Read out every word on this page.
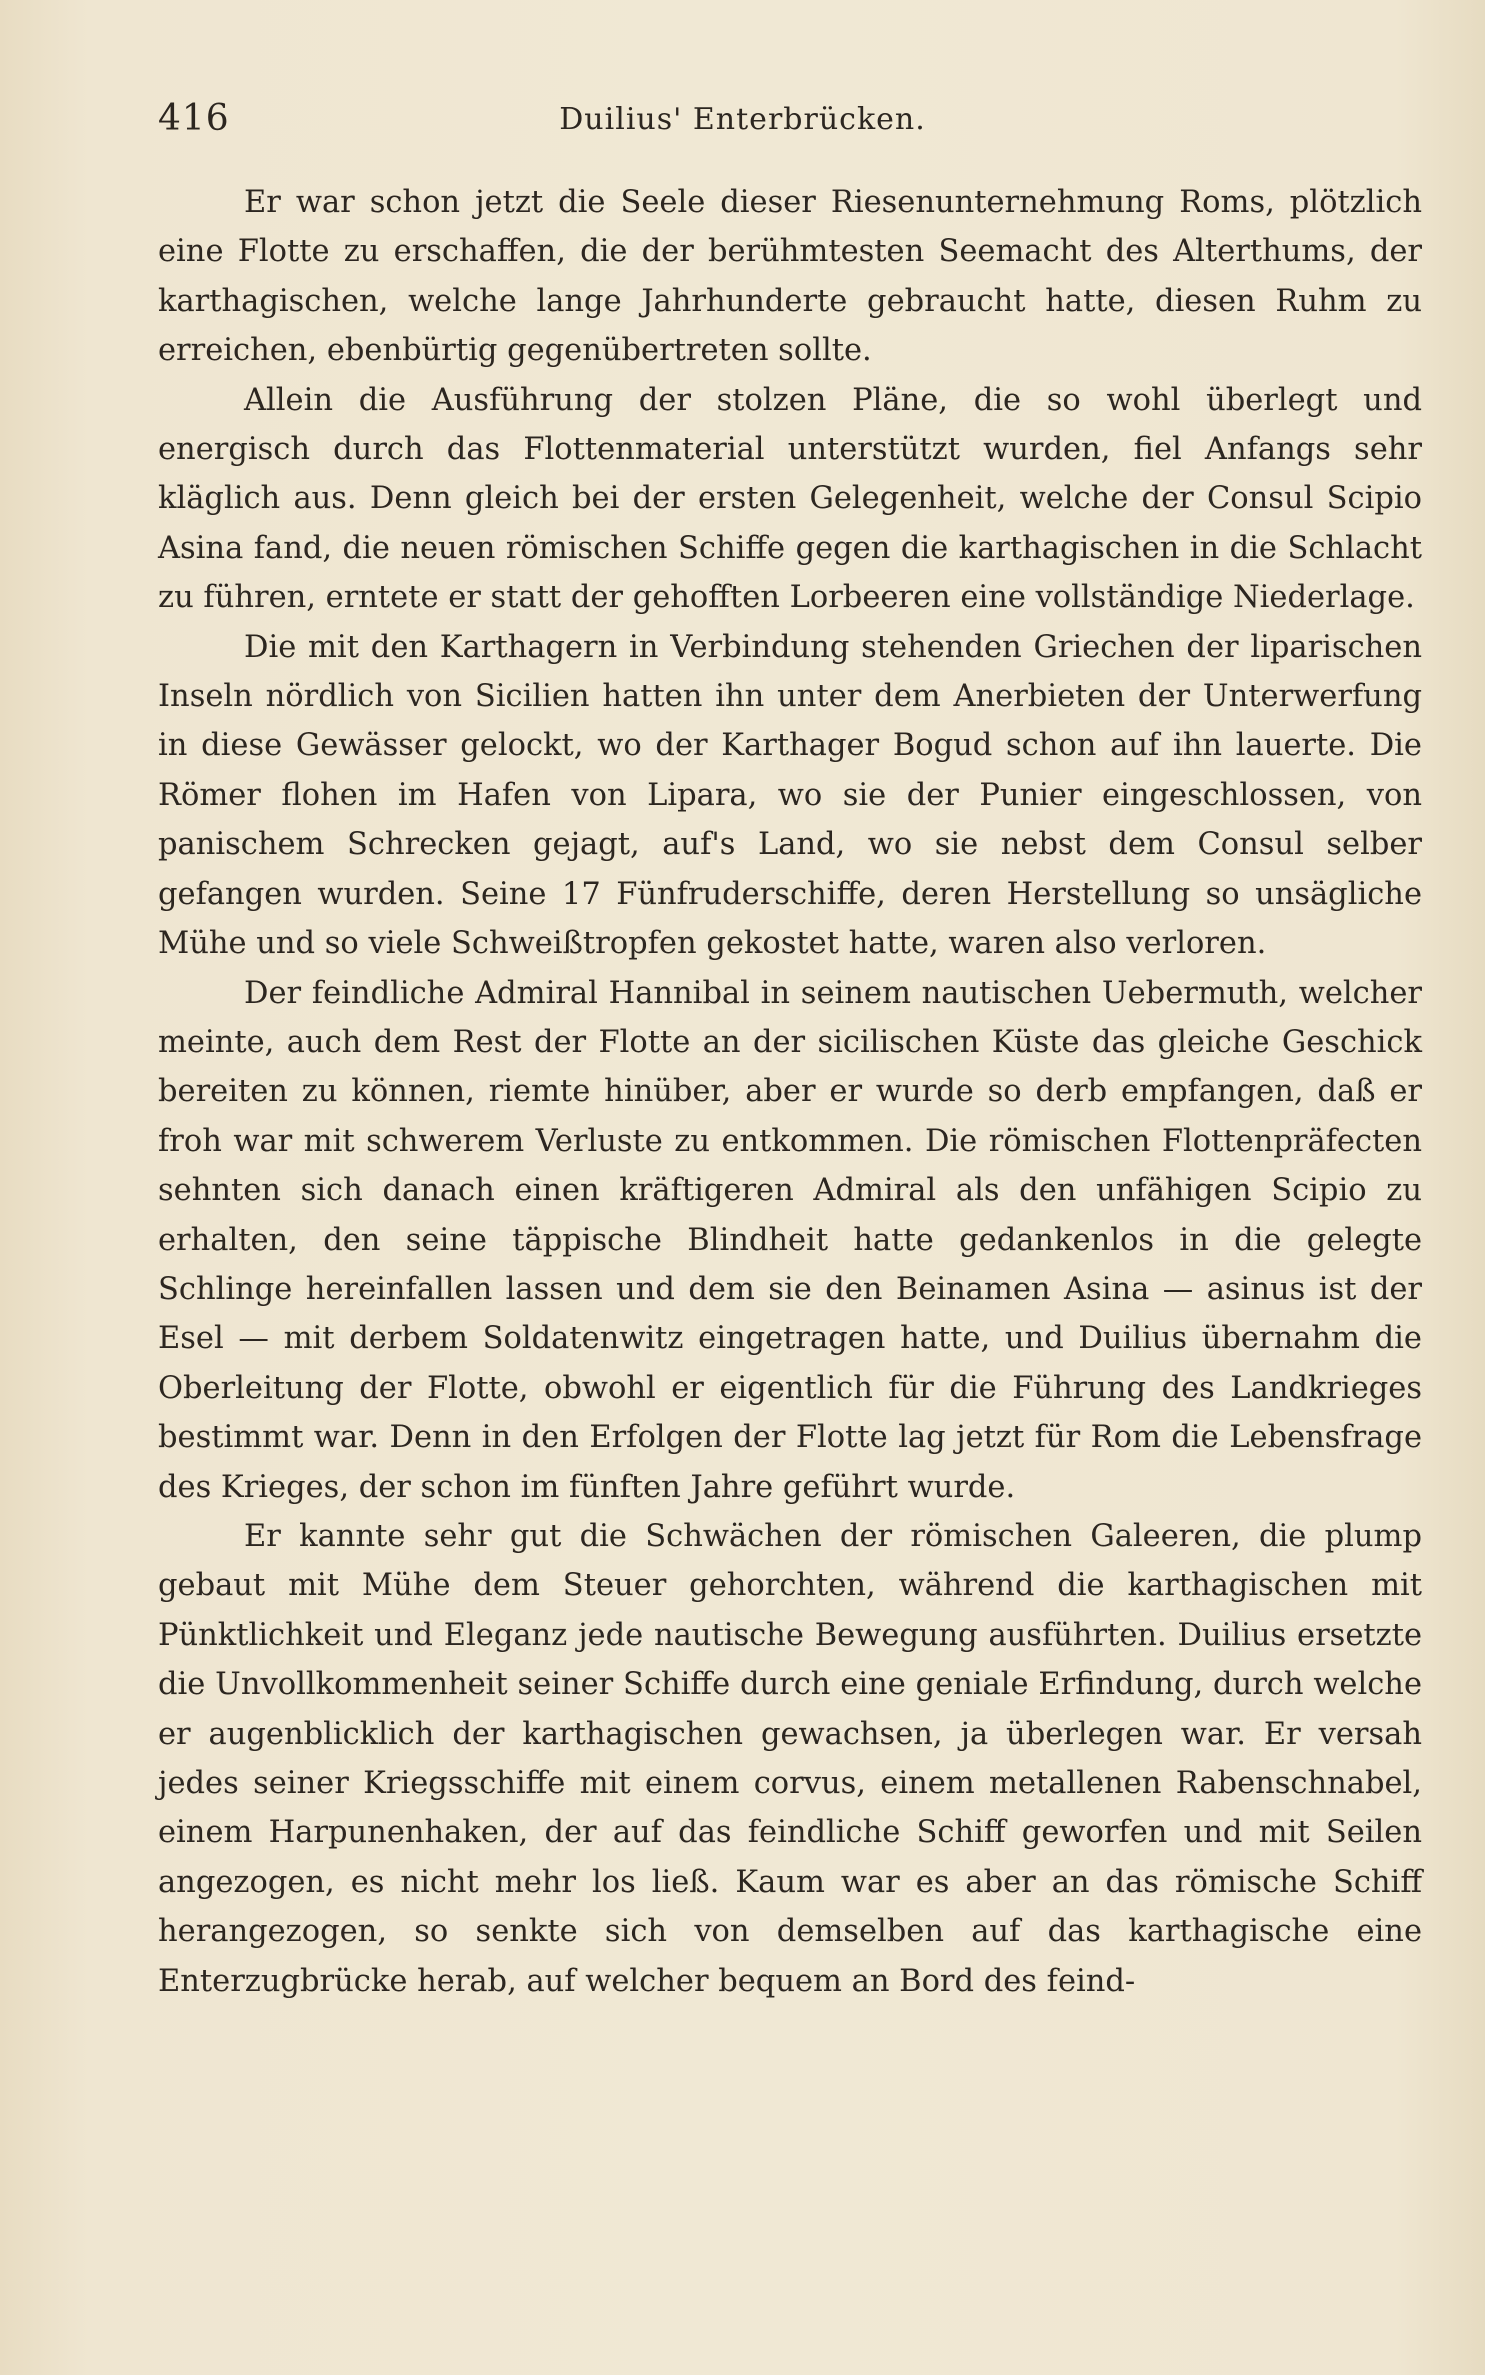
416	Duilius' Enterbrücken.

Er war schon jetzt die Seele dieser Riesenunternehmung Roms, plötzlich eine Flotte zu erschaffen, die der berühmtesten Seemacht des Alterthums, der karthagischen, welche lange Jahrhunderte gebraucht hatte, diesen Ruhm zu erreichen, ebenbürtig gegenübertreten sollte.

Allein die Ausführung der stolzen Pläne, die so wohl überlegt und energisch durch das Flottenmaterial unterstützt wurden, fiel Anfangs sehr kläglich aus. Denn gleich bei der ersten Gelegenheit, welche der Consul Scipio Asina fand, die neuen römischen Schiffe gegen die karthagischen in die Schlacht zu führen, erntete er statt der gehofften Lorbeeren eine vollständige Niederlage.

Die mit den Karthagern in Verbindung stehenden Griechen der liparischen Inseln nördlich von Sicilien hatten ihn unter dem Anerbieten der Unterwerfung in diese Gewässer gelockt, wo der Karthager Bogud schon auf ihn lauerte. Die Römer flohen im Hafen von Lipara, wo sie der Punier eingeschlossen, von panischem Schrecken gejagt, auf's Land, wo sie nebst dem Consul selber gefangen wurden. Seine 17 Fünfruderschiffe, deren Herstellung so unsägliche Mühe und so viele Schweißtropfen gekostet hatte, waren also verloren.

Der feindliche Admiral Hannibal in seinem nautischen Uebermuth, welcher meinte, auch dem Rest der Flotte an der sicilischen Küste das gleiche Geschick bereiten zu können, riemte hinüber, aber er wurde so derb empfangen, daß er froh war mit schwerem Verluste zu entkommen. Die römischen Flottenpräfecten sehnten sich danach einen kräftigeren Admiral als den unfähigen Scipio zu erhalten, den seine täppische Blindheit hatte gedankenlos in die gelegte Schlinge hereinfallen lassen und dem sie den Beinamen Asina — asinus ist der Esel — mit derbem Soldatenwitz eingetragen hatte, und Duilius übernahm die Oberleitung der Flotte, obwohl er eigentlich für die Führung des Landkrieges bestimmt war. Denn in den Erfolgen der Flotte lag jetzt für Rom die Lebensfrage des Krieges, der schon im fünften Jahre geführt wurde.

Er kannte sehr gut die Schwächen der römischen Galeeren, die plump gebaut mit Mühe dem Steuer gehorchten, während die karthagischen mit Pünktlichkeit und Eleganz jede nautische Bewegung ausführten. Duilius ersetzte die Unvollkommenheit seiner Schiffe durch eine geniale Erfindung, durch welche er augenblicklich der karthagischen gewachsen, ja überlegen war. Er versah jedes seiner Kriegsschiffe mit einem corvus, einem metallenen Rabenschnabel, einem Harpunenhaken, der auf das feindliche Schiff geworfen und mit Seilen angezogen, es nicht mehr los ließ. Kaum war es aber an das römische Schiff herangezogen, so senkte sich von demselben auf das karthagische eine Enterzugbrücke herab, auf welcher bequem an Bord des feind-
